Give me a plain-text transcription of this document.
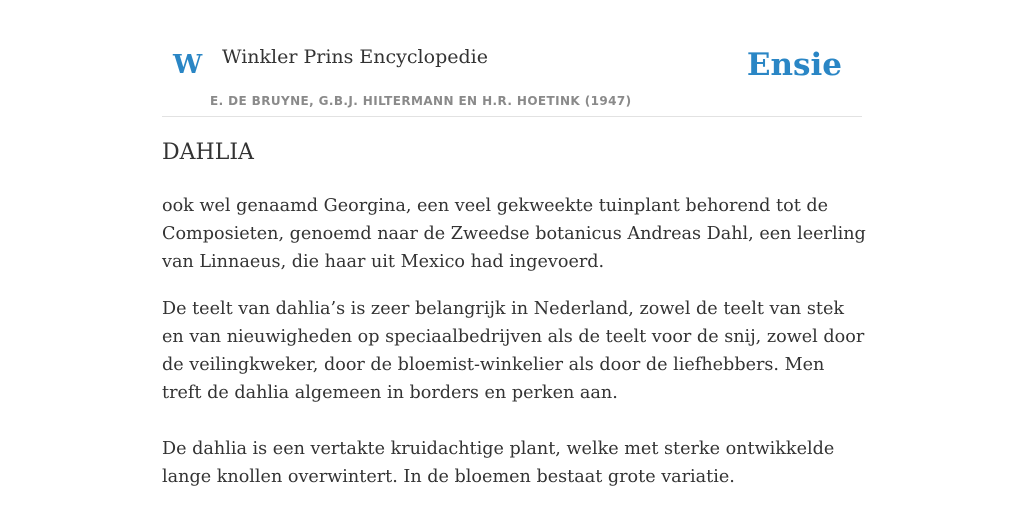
W Winkler Prins Encyclopedie
E. DE BRUYNE, G.B.J. HILTERMANN EN H.R. HOETINK (1947)
Ensie
DAHLIA

ook wel genaamd Georgina, een veel gekweekte tuinplant behorend tot de Composieten, genoemd naar de Zweedse botanicus Andreas Dahl, een leerling van Linnaeus, die haar uit Mexico had ingevoerd.

De teelt van dahlia’s is zeer belangrijk in Nederland, zowel de teelt van stek en van nieuwigheden op speciaalbedrijven als de teelt voor de snij, zowel door de veilingkweker, door de bloemist-winkelier als door de liefhebbers. Men treft de dahlia algemeen in borders en perken aan.

De dahlia is een vertakte kruidachtige plant, welke met sterke ontwikkelde lange knollen overwintert. In de bloemen bestaat grote variatie.
